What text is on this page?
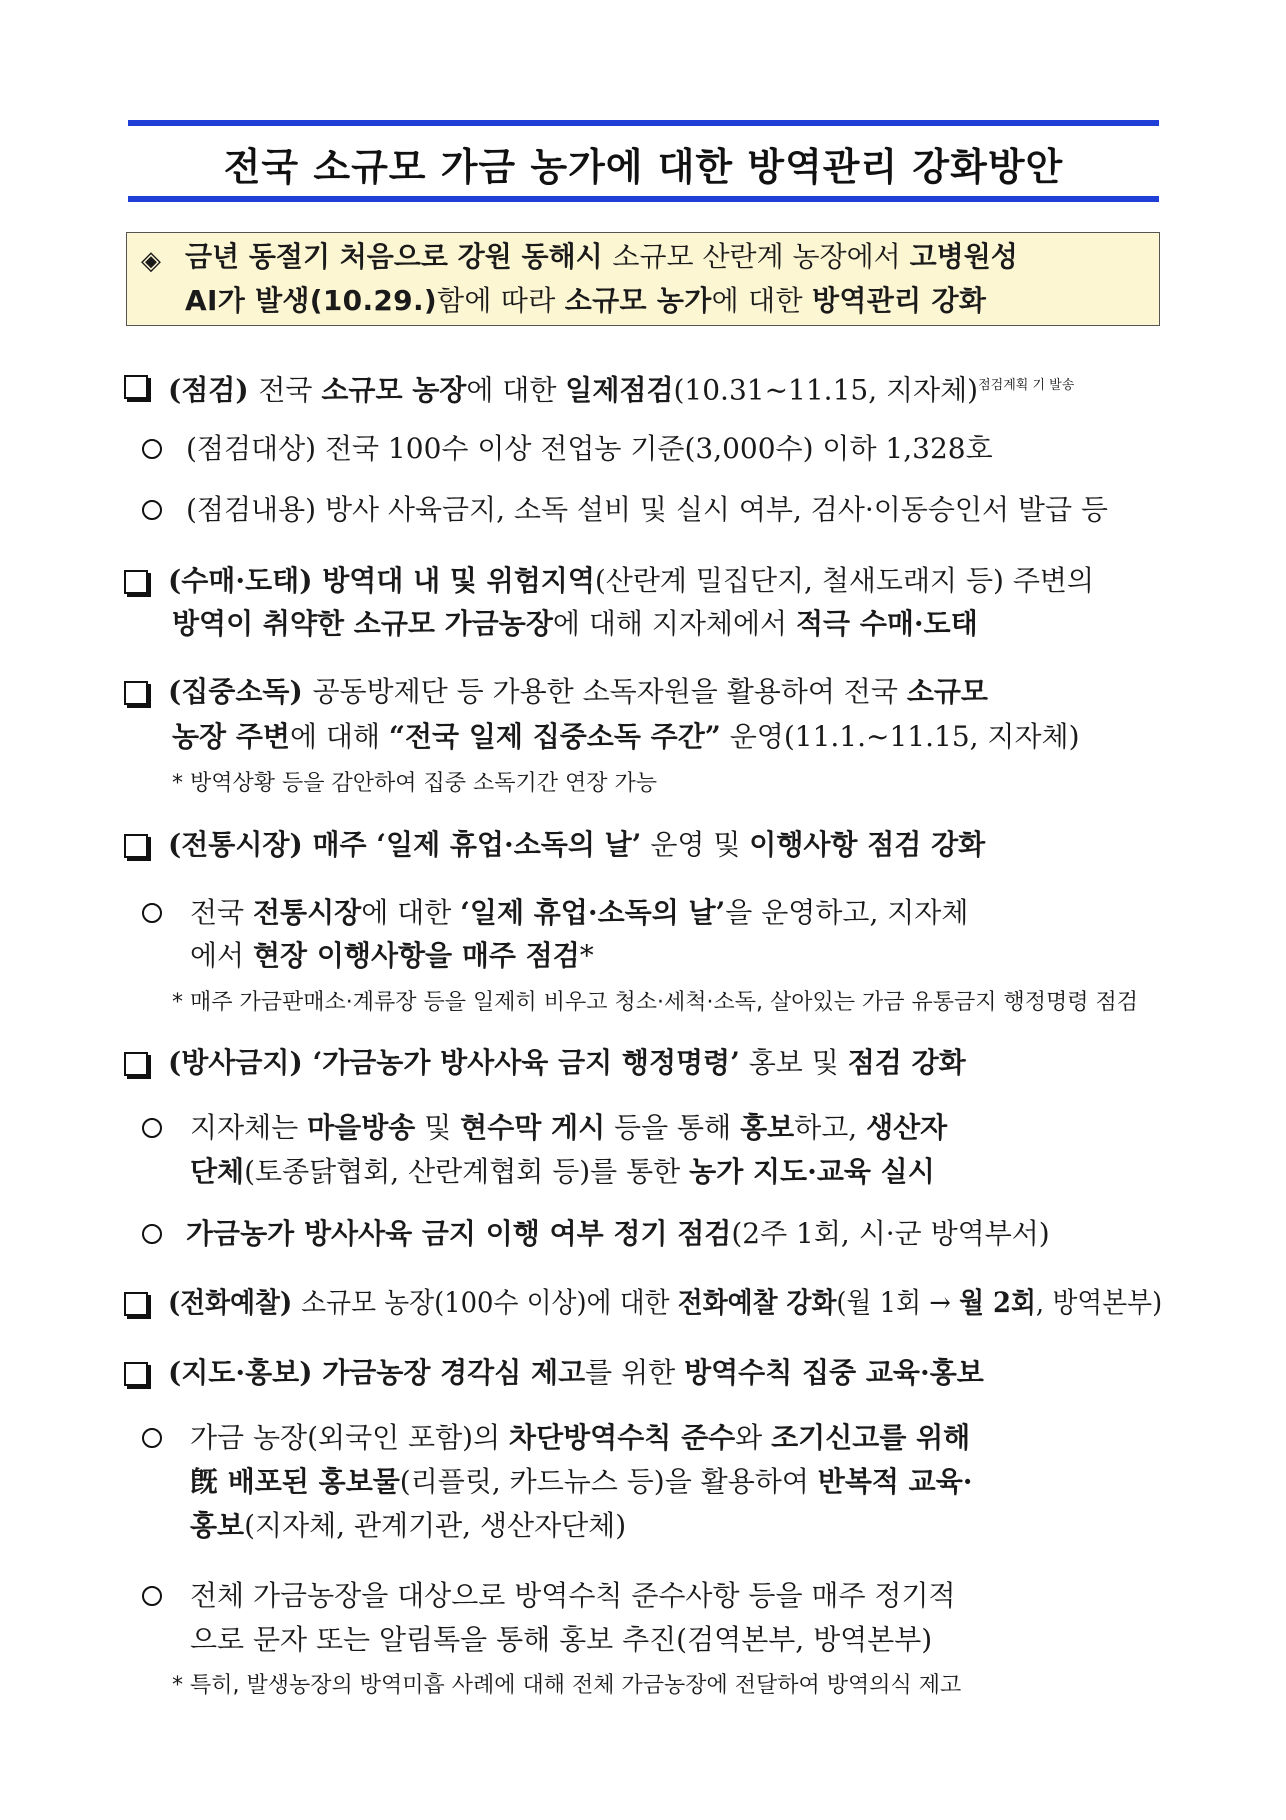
전국 소규모 가금 농가에 대한 방역관리 강화방안
◈ 금년 동절기 처음으로 강원 동해시 소규모 산란계 농장에서 고병원성
AI가 발생(10.29.)함에 따라 소규모 농가에 대한 방역관리 강화
(점검) 전국 소규모 농장에 대한 일제점검(10.31~11.15, 지자체)$^{점검계획 기 발송}$
(점검대상) 전국 100수 이상 전업농 기준(3,000수) 이하 1,328호
(점검내용) 방사 사육금지, 소독 설비 및 실시 여부, 검사·이동승인서 발급 등
(수매·도태) 방역대 내 및 위험지역(산란계 밀집단지, 철새도래지 등) 주변의
방역이 취약한 소규모 가금농장에 대해 지자체에서 적극 수매·도태
(집중소독) 공동방제단 등 가용한 소독자원을 활용하여 전국 소규모
농장 주변에 대해 “전국 일제 집중소독 주간” 운영(11.1.~11.15, 지자체)
* 방역상황 등을 감안하여 집중 소독기간 연장 가능
(전통시장) 매주 ‘일제 휴업·소독의 날’ 운영 및 이행사항 점검 강화
전국 전통시장에 대한 ‘일제 휴업·소독의 날’을 운영하고, 지자체
에서 현장 이행사항을 매주 점검*
* 매주 가금판매소·계류장 등을 일제히 비우고 청소·세척·소독, 살아있는 가금 유통금지 행정명령 점검
(방사금지) ‘가금농가 방사사육 금지 행정명령’ 홍보 및 점검 강화
지자체는 마을방송 및 현수막 게시 등을 통해 홍보하고, 생산자
단체(토종닭협회, 산란계협회 등)를 통한 농가 지도·교육 실시
가금농가 방사사육 금지 이행 여부 정기 점검(2주 1회, 시·군 방역부서)
(전화예찰) 소규모 농장(100수 이상)에 대한 전화예찰 강화(월 1회 → 월 2회, 방역본부)
(지도·홍보) 가금농장 경각심 제고를 위한 방역수칙 집중 교육·홍보
가금 농장(외국인 포함)의 차단방역수칙 준수와 조기신고를 위해
旣 배포된 홍보물(리플릿, 카드뉴스 등)을 활용하여 반복적 교육·
홍보(지자체, 관계기관, 생산자단체)
전체 가금농장을 대상으로 방역수칙 준수사항 등을 매주 정기적
으로 문자 또는 알림톡을 통해 홍보 추진(검역본부, 방역본부)
* 특히, 발생농장의 방역미흡 사례에 대해 전체 가금농장에 전달하여 방역의식 제고
